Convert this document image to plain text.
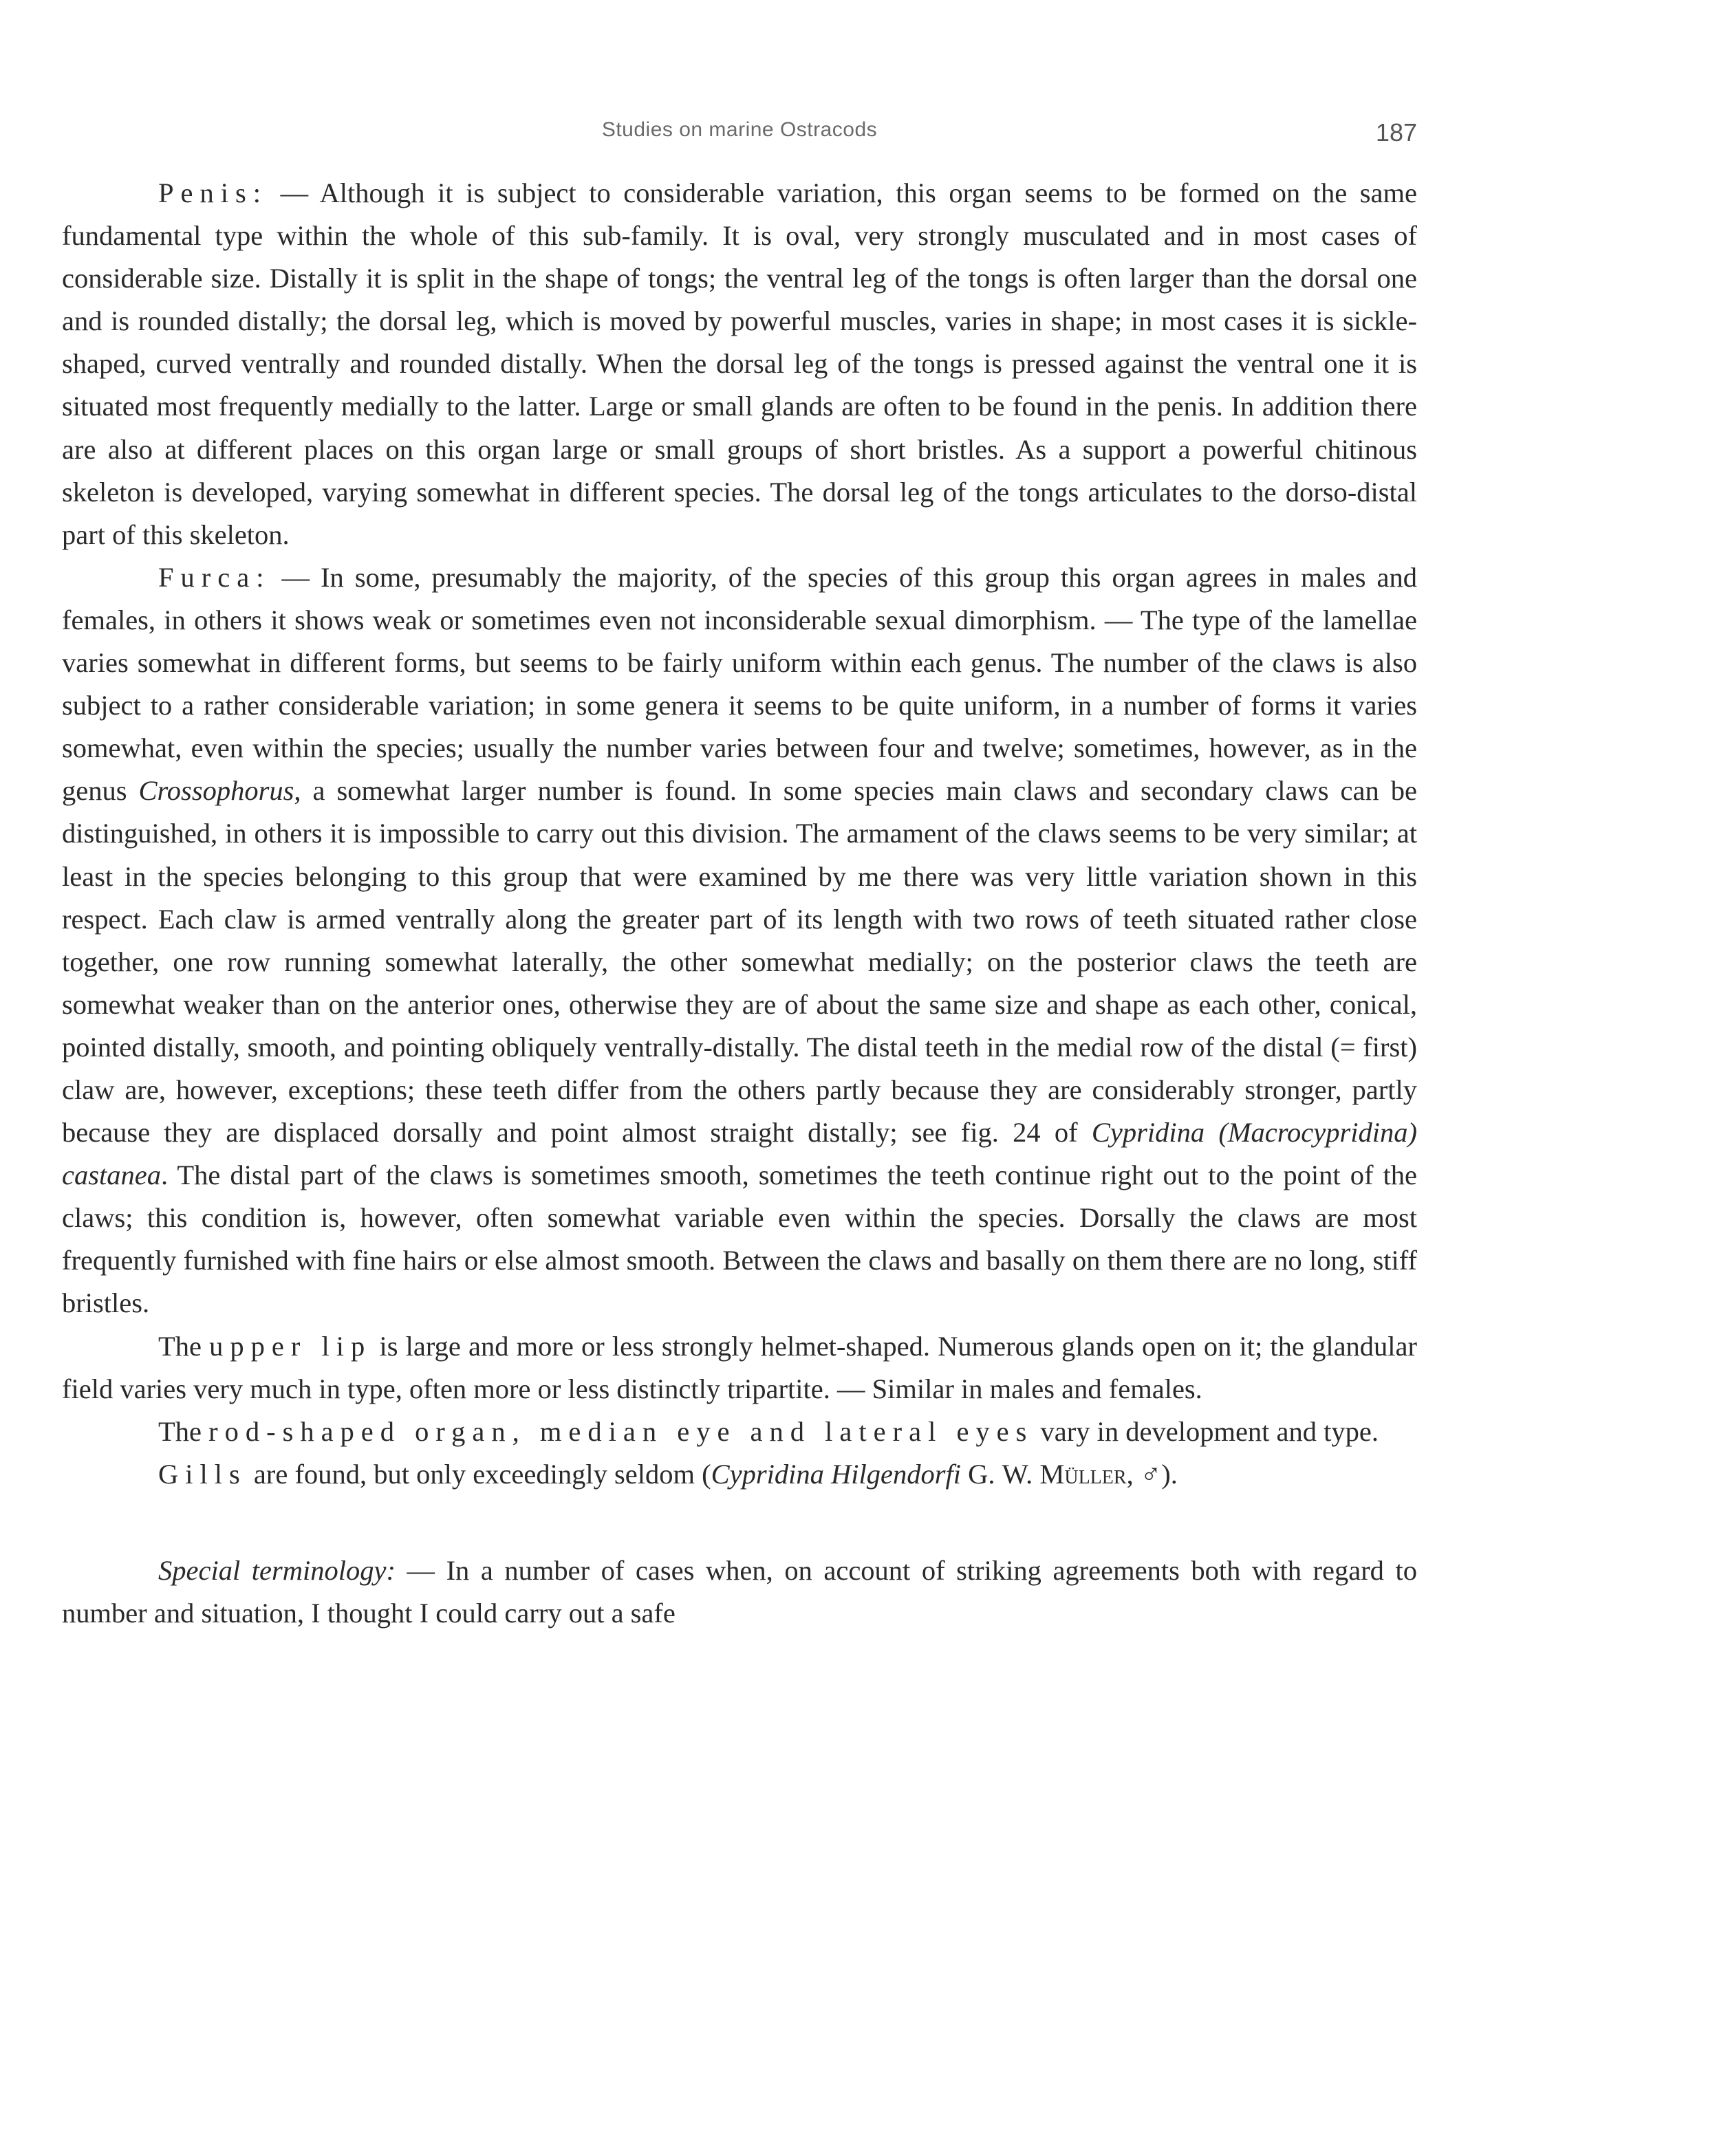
Studies on marine Ostracods	187

Penis: — Although it is subject to considerable variation, this organ seems to be formed on the same fundamental type within the whole of this sub-family. It is oval, very strongly musculated and in most cases of considerable size. Distally it is split in the shape of tongs; the ventral leg of the tongs is often larger than the dorsal one and is rounded distally; the dorsal leg, which is moved by powerful muscles, varies in shape; in most cases it is sickle-shaped, curved ventrally and rounded distally. When the dorsal leg of the tongs is pressed against the ventral one it is situated most frequently medially to the latter. Large or small glands are often to be found in the penis. In addition there are also at different places on this organ large or small groups of short bristles. As a support a powerful chitinous skeleton is developed, varying somewhat in different species. The dorsal leg of the tongs articulates to the dorso-distal part of this skeleton.

Furca: — In some, presumably the majority, of the species of this group this organ agrees in males and females, in others it shows weak or sometimes even not inconsiderable sexual dimorphism. — The type of the lamellae varies somewhat in different forms, but seems to be fairly uniform within each genus. The number of the claws is also subject to a rather considerable variation; in some genera it seems to be quite uniform, in a number of forms it varies somewhat, even within the species; usually the number varies between four and twelve; sometimes, however, as in the genus Crossophorus, a somewhat larger number is found. In some species main claws and secondary claws can be distinguished, in others it is impossible to carry out this division. The armament of the claws seems to be very similar; at least in the species belonging to this group that were examined by me there was very little variation shown in this respect. Each claw is armed ventrally along the greater part of its length with two rows of teeth situated rather close together, one row running somewhat laterally, the other somewhat medially; on the posterior claws the teeth are somewhat weaker than on the anterior ones, otherwise they are of about the same size and shape as each other, conical, pointed distally, smooth, and pointing obliquely ventrally-distally. The distal teeth in the medial row of the distal (= first) claw are, however, exceptions; these teeth differ from the others partly because they are considerably stronger, partly because they are displaced dorsally and point almost straight distally; see fig. 24 of Cypridina (Macrocypridina) castanea. The distal part of the claws is sometimes smooth, sometimes the teeth continue right out to the point of the claws; this condition is, however, often somewhat variable even within the species. Dorsally the claws are most frequently furnished with fine hairs or else almost smooth. Between the claws and basally on them there are no long, stiff bristles.

The upper lip is large and more or less strongly helmet-shaped. Numerous glands open on it; the glandular field varies very much in type, often more or less distinctly tripartite. — Similar in males and females.

The rod-shaped organ, median eye and lateral eyes vary in development and type.

Gills are found, but only exceedingly seldom (Cypridina Hilgendorfi G. W. Müller, ♂).

Special terminology: — In a number of cases when, on account of striking agreements both with regard to number and situation, I thought I could carry out a safe
